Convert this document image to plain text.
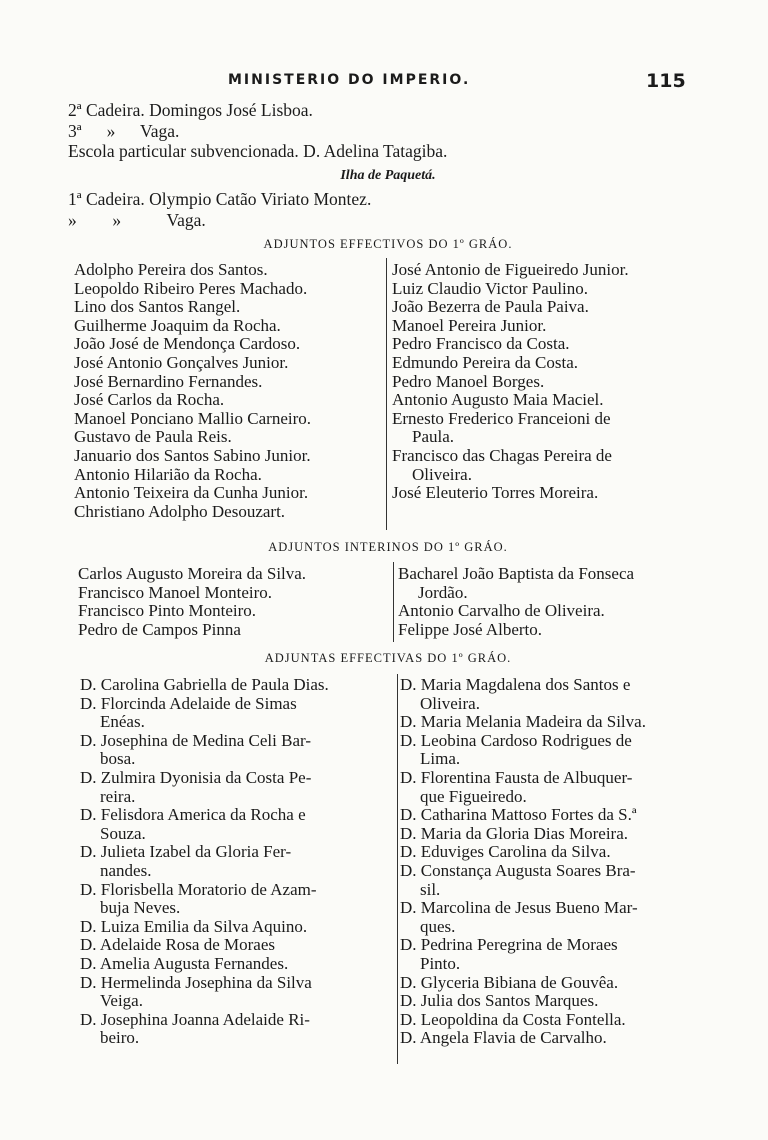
MINISTERIO DO IMPERIO.	115
2ª Cadeira. Domingos José Lisboa.
3ª » Vaga.
Escola particular subvencionada. D. Adelina Tatagiba.
Ilha de Paquetá.
1ª Cadeira. Olympio Catão Viriato Montez.
» »	Vaga.
ADJUNTOS EFFECTIVOS DO 1º GRÁO.
Adolpho Pereira dos Santos.
Leopoldo Ribeiro Peres Machado.
Lino dos Santos Rangel.
Guilherme Joaquim da Rocha.
João José de Mendonça Cardoso.
José Antonio Gonçalves Junior.
José Bernardino Fernandes.
José Carlos da Rocha.
Manoel Ponciano Mallio Carneiro.
Gustavo de Paula Reis.
Januario dos Santos Sabino Junior.
Antonio Hilarião da Rocha.
Antonio Teixeira da Cunha Junior.
Christiano Adolpho Desouzart.
José Antonio de Figueiredo Junior.
Luiz Claudio Victor Paulino.
João Bezerra de Paula Paiva.
Manoel Pereira Junior.
Pedro Francisco da Costa.
Edmundo Pereira da Costa.
Pedro Manoel Borges.
Antonio Augusto Maia Maciel.
Ernesto Frederico Franceioni de
Paula.
Francisco das Chagas Pereira de
Oliveira.
José Eleuterio Torres Moreira.
ADJUNTOS INTERINOS DO 1º GRÁO.
Carlos Augusto Moreira da Silva.
Francisco Manoel Monteiro.
Francisco Pinto Monteiro.
Pedro de Campos Pinna
Bacharel João Baptista da Fonseca
Jordão.
Antonio Carvalho de Oliveira.
Felippe José Alberto.
ADJUNTAS EFFECTIVAS DO 1º GRÁO.
D. Carolina Gabriella de Paula Dias.
D. Florcinda Adelaide de Simas
Enéas.
D. Josephina de Medina Celi Bar-
bosa.
D. Zulmira Dyonisia da Costa Pe-
reira.
D. Felisdora America da Rocha e
Souza.
D. Julieta Izabel da Gloria Fer-
nandes.
D. Florisbella Moratorio de Azam-
buja Neves.
D. Luiza Emilia da Silva Aquino.
D. Adelaide Rosa de Moraes
D. Amelia Augusta Fernandes.
D. Hermelinda Josephina da Silva
Veiga.
D. Josephina Joanna Adelaide Ri-
beiro.
D. Maria Magdalena dos Santos e
Oliveira.
D. Maria Melania Madeira da Silva.
D. Leobina Cardoso Rodrigues de
Lima.
D. Florentina Fausta de Albuquer-
que Figueiredo.
D. Catharina Mattoso Fortes da S.ª
D. Maria da Gloria Dias Moreira.
D. Eduviges Carolina da Silva.
D. Constança Augusta Soares Bra-
sil.
D. Marcolina de Jesus Bueno Mar-
ques.
D. Pedrina Peregrina de Moraes
Pinto.
D. Glyceria Bibiana de Gouvêa.
D. Julia dos Santos Marques.
D. Leopoldina da Costa Fontella.
D. Angela Flavia de Carvalho.
